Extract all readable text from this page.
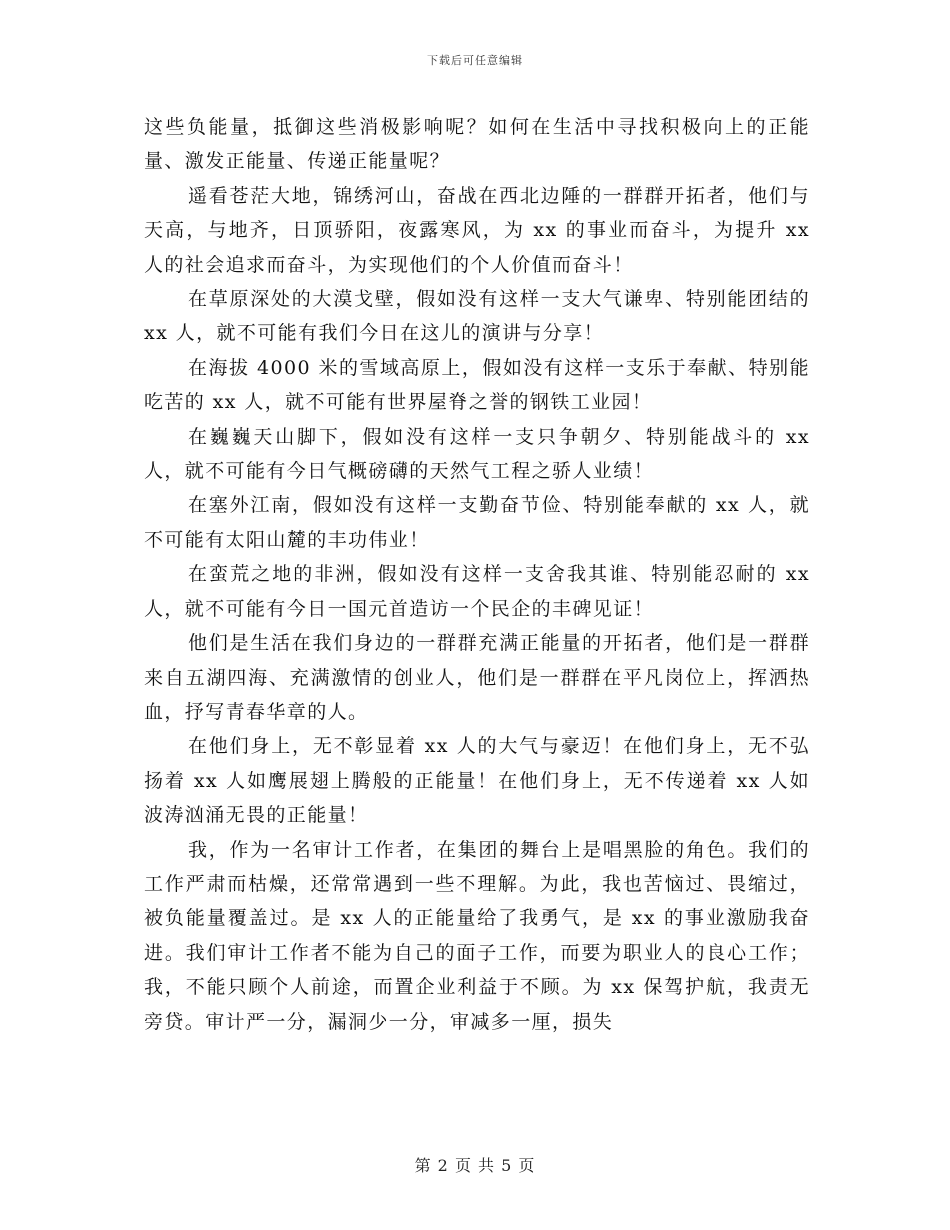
下载后可任意编辑

这些负能量，抵御这些消极影响呢？如何在生活中寻找积极向上的正能量、激发正能量、传递正能量呢？

遥看苍茫大地，锦绣河山，奋战在西北边陲的一群群开拓者，他们与天高，与地齐，日顶骄阳，夜露寒风，为 xx 的事业而奋斗，为提升 xx 人的社会追求而奋斗，为实现他们的个人价值而奋斗！

在草原深处的大漠戈壁，假如没有这样一支大气谦卑、特别能团结的 xx 人，就不可能有我们今日在这儿的演讲与分享！

在海拔 4000 米的雪域高原上，假如没有这样一支乐于奉献、特别能吃苦的 xx 人，就不可能有世界屋脊之誉的钢铁工业园！

在巍巍天山脚下，假如没有这样一支只争朝夕、特别能战斗的 xx 人，就不可能有今日气概磅礴的天然气工程之骄人业绩！

在塞外江南，假如没有这样一支勤奋节俭、特别能奉献的 xx 人，就不可能有太阳山麓的丰功伟业！

在蛮荒之地的非洲，假如没有这样一支舍我其谁、特别能忍耐的 xx 人，就不可能有今日一国元首造访一个民企的丰碑见证！

他们是生活在我们身边的一群群充满正能量的开拓者，他们是一群群来自五湖四海、充满激情的创业人，他们是一群群在平凡岗位上，挥洒热血，抒写青春华章的人。

在他们身上，无不彰显着 xx 人的大气与豪迈！在他们身上，无不弘扬着 xx 人如鹰展翅上腾般的正能量！在他们身上，无不传递着 xx 人如波涛汹涌无畏的正能量！

我，作为一名审计工作者，在集团的舞台上是唱黑脸的角色。我们的工作严肃而枯燥，还常常遇到一些不理解。为此，我也苦恼过、畏缩过，被负能量覆盖过。是 xx 人的正能量给了我勇气，是 xx 的事业激励我奋进。我们审计工作者不能为自己的面子工作，而要为职业人的良心工作；我，不能只顾个人前途，而置企业利益于不顾。为 xx 保驾护航，我责无旁贷。审计严一分，漏洞少一分，审减多一厘，损失

第 2 页 共 5 页
